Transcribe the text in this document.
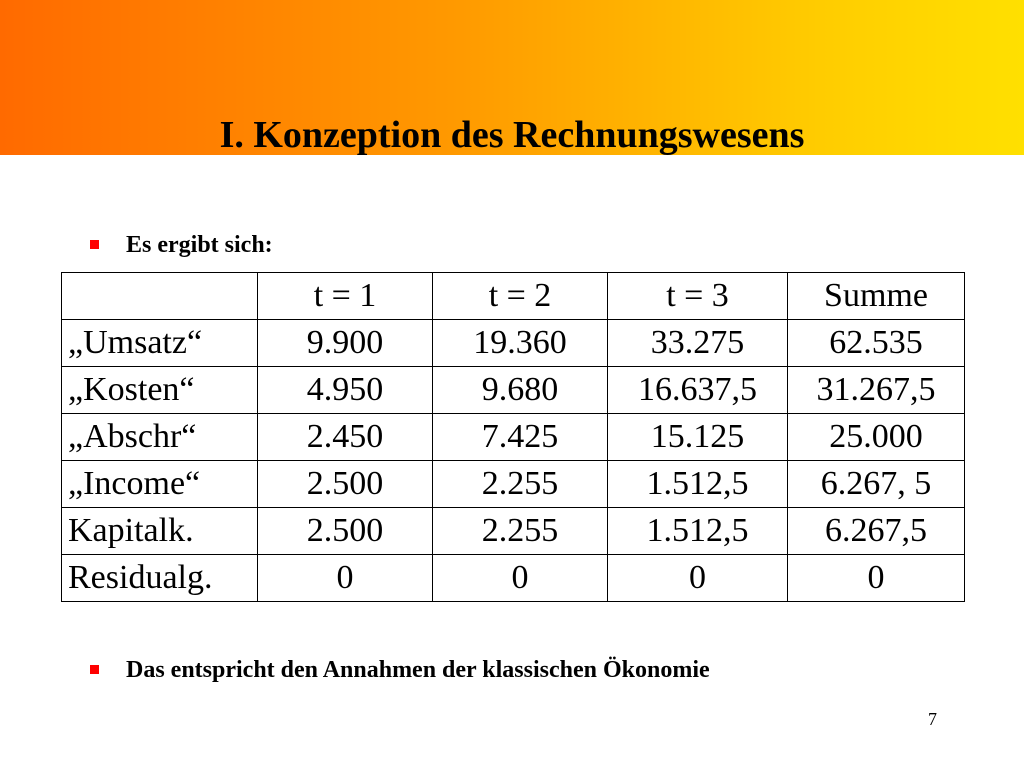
I. Konzeption des Rechnungswesens
Es ergibt sich:
	t = 1	t = 2	t = 3	Summe
„Umsatz“	9.900	19.360	33.275	62.535
„Kosten“	4.950	9.680	16.637,5	31.267,5
„Abschr“	2.450	7.425	15.125	25.000
„Income“	2.500	2.255	1.512,5	6.267, 5
Kapitalk.	2.500	2.255	1.512,5	6.267,5
Residualg.	0	0	0	0
Das entspricht den Annahmen der klassischen Ökonomie
7
